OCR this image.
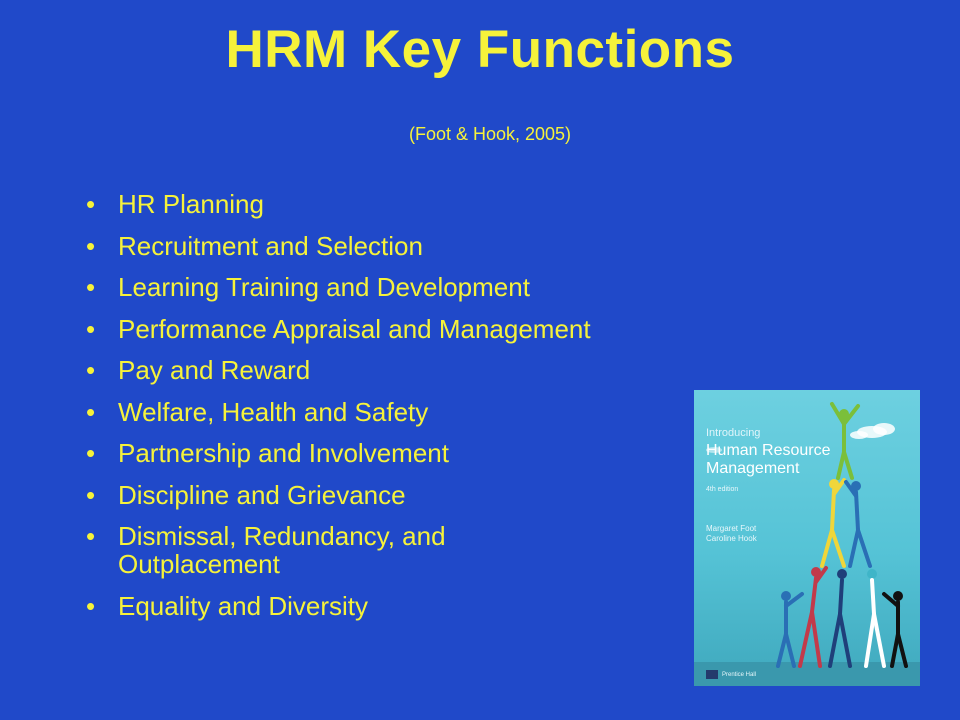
HRM Key Functions
(Foot & Hook, 2005)
• HR Planning
• Recruitment and Selection
• Learning Training and Development
• Performance Appraisal and Management
• Pay and Reward
• Welfare, Health and Safety
• Partnership and Involvement
• Discipline and Grievance
• Dismissal, Redundancy, and Outplacement
• Equality and Diversity
Introducing
Human Resource
Management
4th edition
Margaret Foot Caroline Hook
Prentice Hall
